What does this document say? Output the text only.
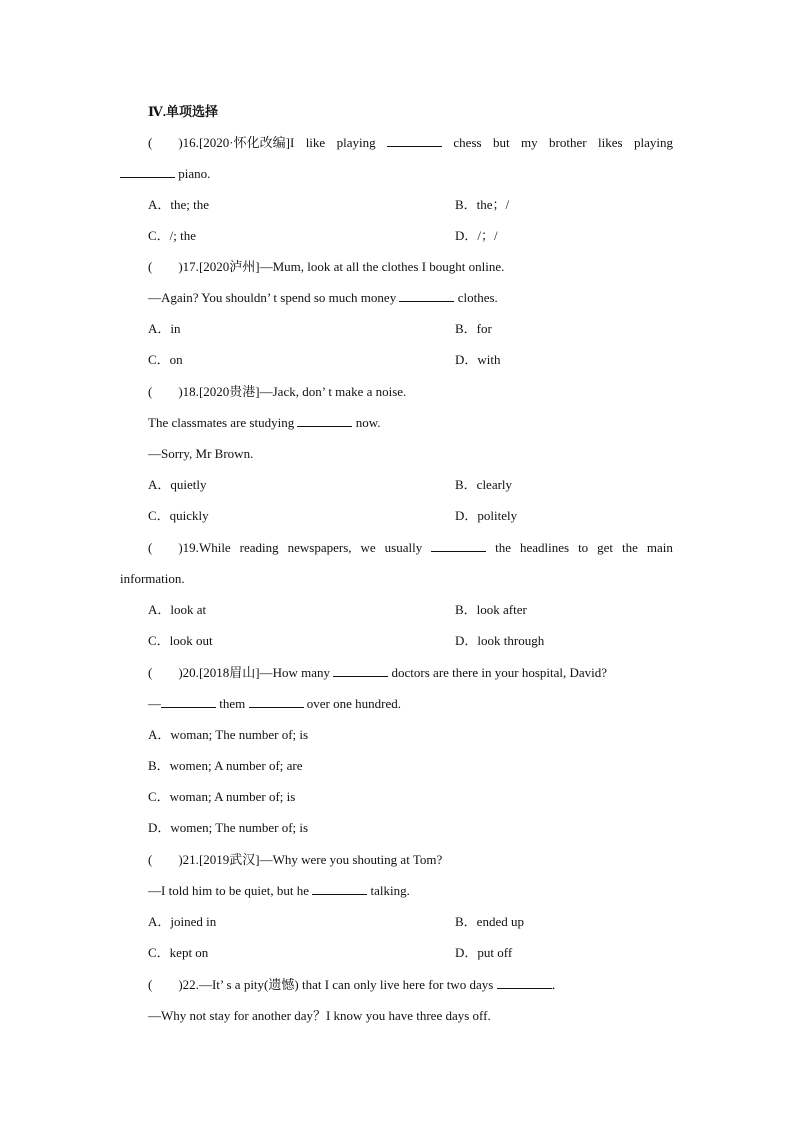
Ⅳ.单项选择
( )16.[2020·怀化改编]I like playing	chess but my brother likes playing
piano.
A．the; the	B．the；/
C．/; the	D．/；/
( )17.[2020泸州]—Mum, look at all the clothes I bought online.
—Again? You shouldn’ t spend so much money	clothes.
A．in	B．for
C．on	D．with
( )18.[2020贵港]—Jack, don’ t make a noise.
The classmates are studying	now.
—Sorry, Mr Brown.
A．quietly	B．clearly
C．quickly	D．politely
( )19.While reading newspapers, we usually	the headlines to get the main
information.
A．look at	B．look after
C．look out	D．look through
( )20.[2018眉山]—How many	doctors are there in your hospital, David?
—	them	over one hundred.
A．woman; The number of; is
B．women; A number of; are
C．woman; A number of; is
D．women; The number of; is
( )21.[2019武汉]—Why were you shouting at Tom?
—I told him to be quiet, but he	talking.
A．joined in	B．ended up
C．kept on	D．put off
( )22.—It’ s a pity(遗憾) that I can only live here for two days	．
—Why not stay for another day？I know you have three days off.
